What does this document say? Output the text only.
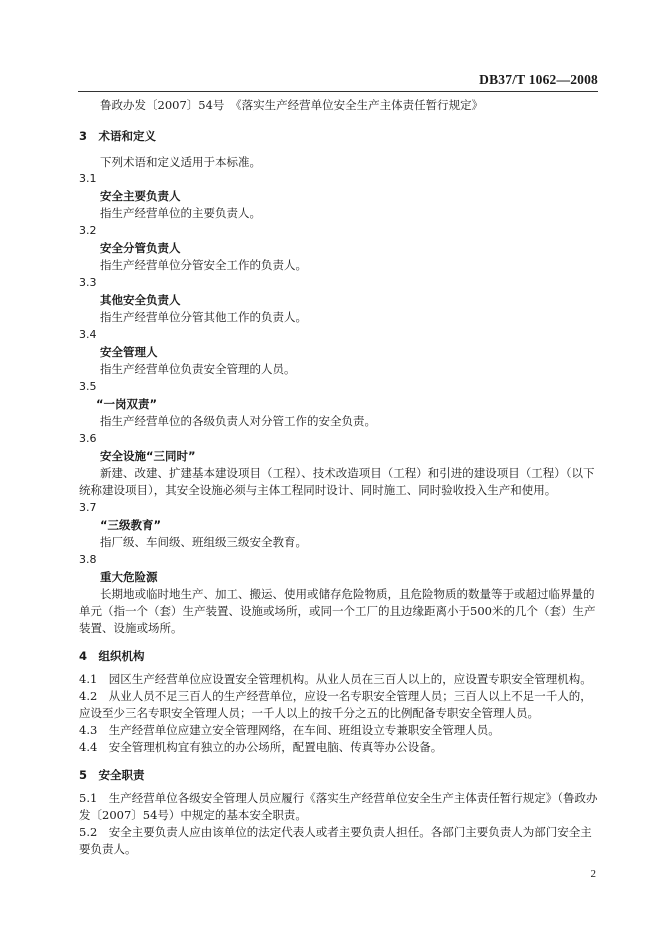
DB37/T 1062—2008
鲁政办发〔2007〕54号　《落实生产经营单位安全生产主体责任暂行规定》
3　术语和定义
下列术语和定义适用于本标准。
3.1
安全主要负责人
指生产经营单位的主要负责人。
3.2
安全分管负责人
指生产经营单位分管安全工作的负责人。
3.3
其他安全负责人
指生产经营单位分管其他工作的负责人。
3.4
安全管理人
指生产经营单位负责安全管理的人员。
3.5
“一岗双责”
指生产经营单位的各级负责人对分管工作的安全负责。
3.6
安全设施“三同时”
新建、改建、扩建基本建设项目（工程）、技术改造项目（工程）和引进的建设项目（工程）（以下
统称建设项目），其安全设施必须与主体工程同时设计、同时施工、同时验收投入生产和使用。
3.7
“三级教育”
指厂级、车间级、班组级三级安全教育。
3.8
重大危险源
长期地或临时地生产、加工、搬运、使用或储存危险物质，且危险物质的数量等于或超过临界量的
单元（指一个（套）生产装置、设施或场所，或同一个工厂的且边缘距离小于500米的几个（套）生产
装置、设施或场所。
4　组织机构
4.1　园区生产经营单位应设置安全管理机构。从业人员在三百人以上的，应设置专职安全管理机构。
4.2　从业人员不足三百人的生产经营单位，应设一名专职安全管理人员；三百人以上不足一千人的，
应设至少三名专职安全管理人员；一千人以上的按千分之五的比例配备专职安全管理人员。
4.3　生产经营单位应建立安全管理网络，在车间、班组设立专兼职安全管理人员。
4.4　安全管理机构宜有独立的办公场所，配置电脑、传真等办公设备。
5　安全职责
5.1　生产经营单位各级安全管理人员应履行《落实生产经营单位安全生产主体责任暂行规定》（鲁政办
发〔2007〕54号）中规定的基本安全职责。
5.2　安全主要负责人应由该单位的法定代表人或者主要负责人担任。各部门主要负责人为部门安全主
要负责人。
2
